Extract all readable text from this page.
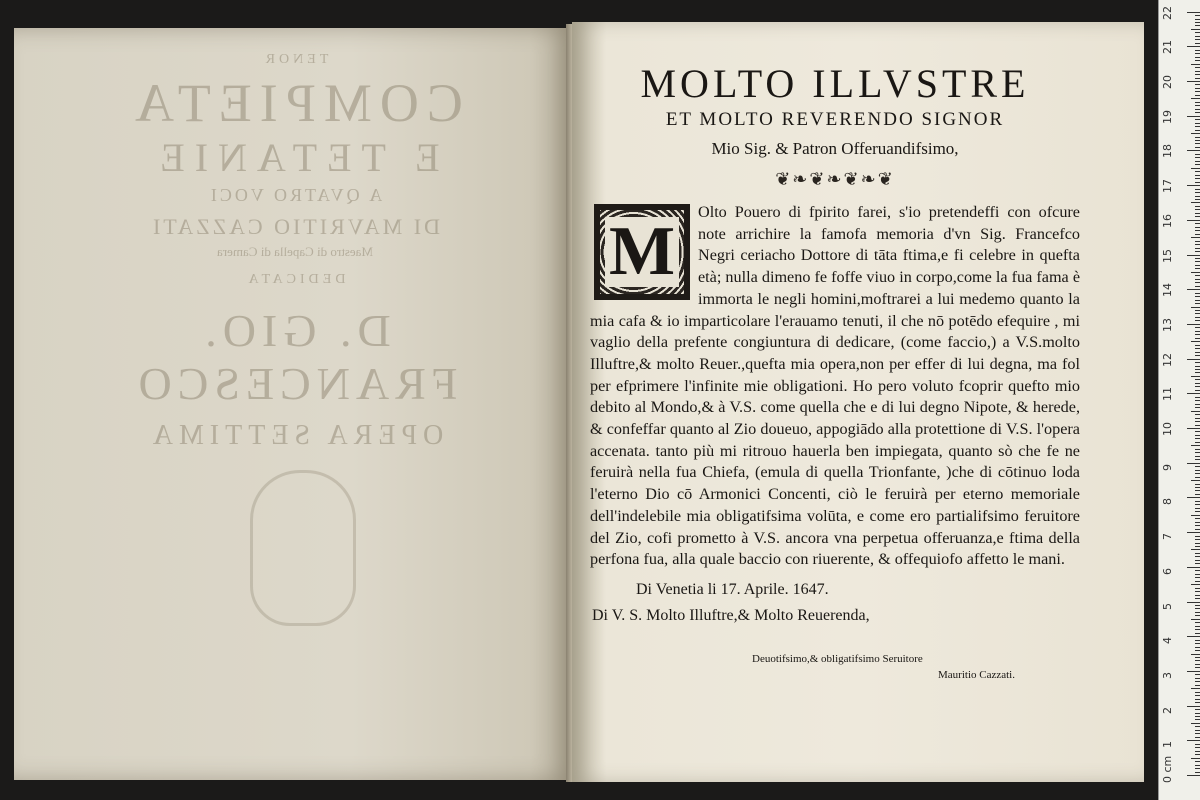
TENOR
COMPIETA
E TETANIE
A QVATRO VOCI
DI MAVRITIO CAZZATI
Maestro di Capella di Camera
DEDICATA
D. GIO. FRANCESCO
OPERA SETTIMA
MOLTO ILLVSTRE
ET MOLTO REVERENDO SIGNOR
Mio Sig. & Patron Offeruandifsimo,
❦❧❦❧❦❧❦
M
Olto Pouero di fpirito farei, s'io pretendeffi con ofcure note arrichire la famofa memoria d'vn Sig. Francefco Negri ceriacho Dottore di tāta ftima,e fi celebre in quefta età; nulla dimeno fe foffe viuo in corpo,come la fua fama è immorta le negli homini,moftrarei a lui medemo quanto la mia cafa & io imparticolare l'erauamo tenuti, il che nō potēdo efequire , mi vaglio della prefente congiuntura di dedicare, (come faccio,) a V.S.molto Illuftre,& molto Reuer.,quefta mia opera,non per effer di lui degna, ma fol per efprimere l'infinite mie obligationi. Ho pero voluto fcoprir quefto mio debito al Mondo,& à V.S. come quella che e di lui degno Nipote, & herede, & confeffar quanto al Zio doueuo, appogiādo alla protettione di V.S. l'opera accenata. tanto più mi ritrouo hauerla ben impiegata, quanto sò che fe ne feruirà nella fua Chiefa, (emula di quella Trionfante, )che di cōtinuo loda l'eterno Dio cō Armonici Concenti, ciò le feruirà per eterno memoriale dell'indelebile mia obligatifsima volūta, e come ero partialifsimo feruitore del Zio, cofi prometto à V.S. ancora vna perpetua offeruanza,e ftima della perfona fua, alla quale baccio con riuerente, & offequiofo affetto le mani.
Di Venetia li 17. Aprile. 1647.
Di V. S. Molto Illuftre,& Molto Reuerenda,
Deuotifsimo,& obligatifsimo Seruitore
Mauritio Cazzati.
0 cm
1
2
3
4
5
6
7
8
9
10
11
12
13
14
15
16
17
18
19
20
21
22
